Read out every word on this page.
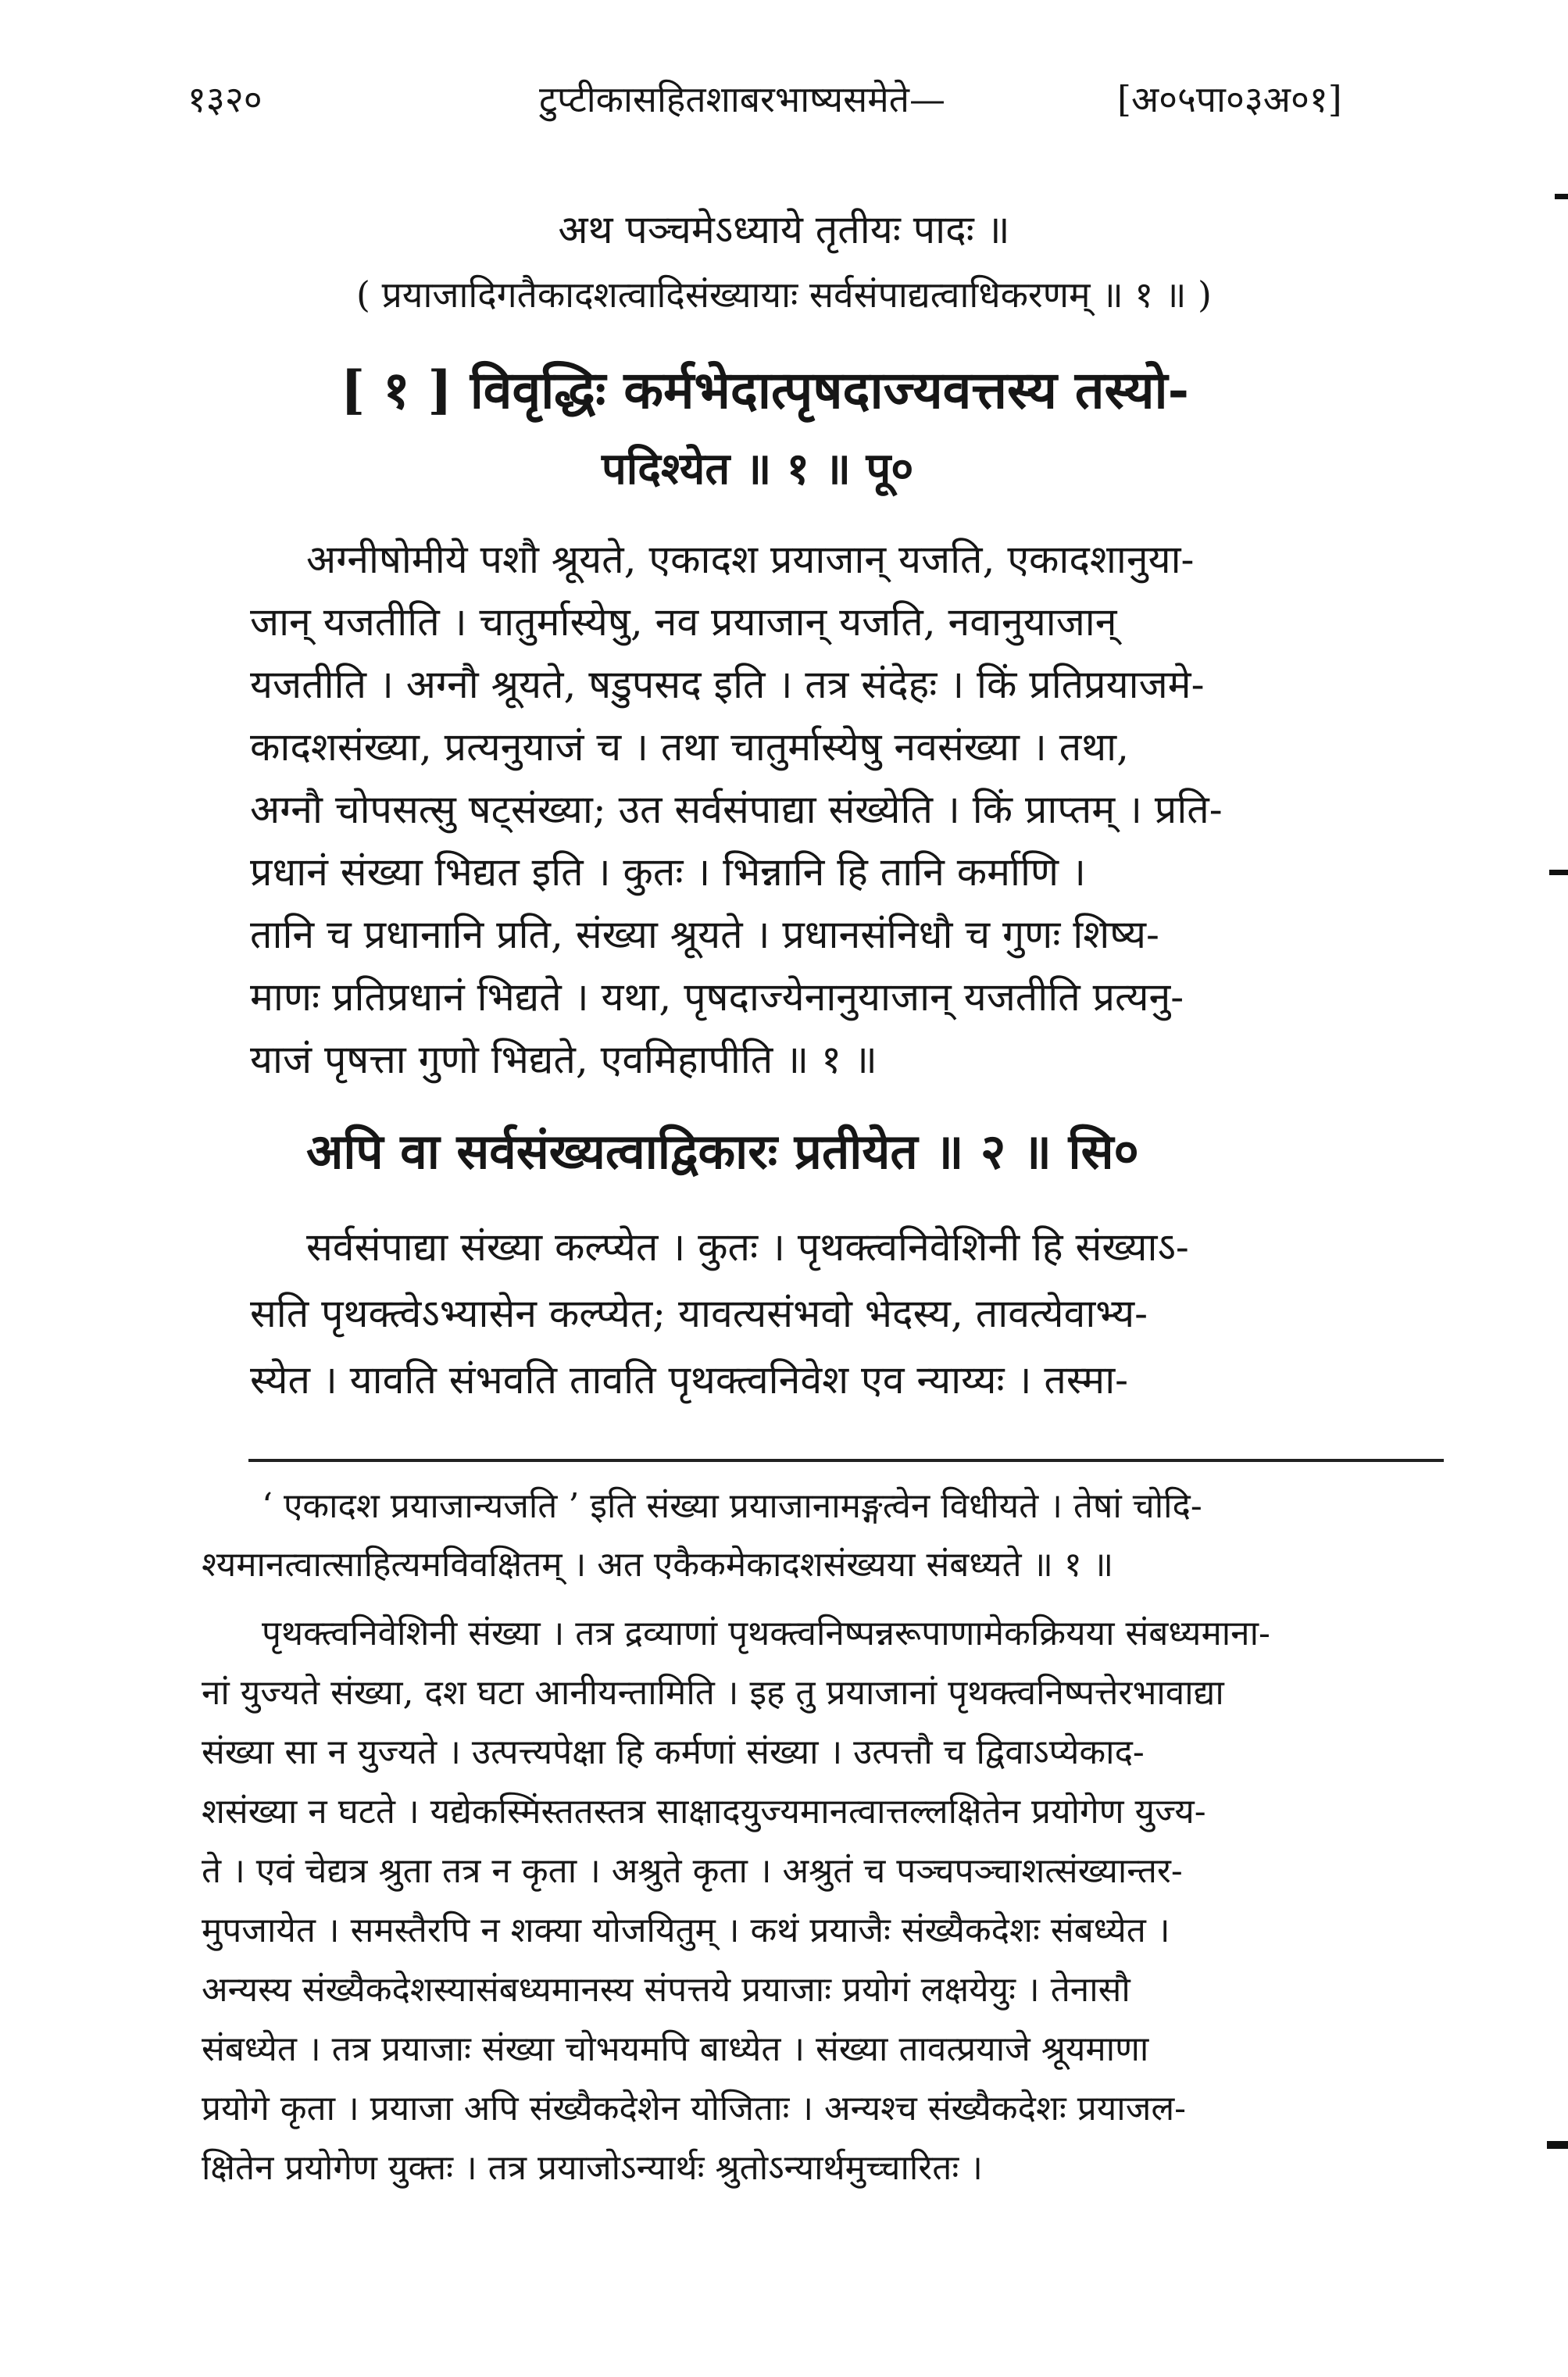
१३२०	टुप्टीकासहितशाबरभाष्यसमेते—	[अ०५पा०३अ०१]
अथ पञ्चमेऽध्याये तृतीयः पादः ॥
( प्रयाजादिगतैकादशत्वादिसंख्यायाः सर्वसंपाद्यत्वाधिकरणम् ॥ १ ॥ )
[ १ ] विवृद्धिः कर्मभेदात्पृषदाज्यवत्तस्य तस्यो-
पदिश्येत ॥ १ ॥ पू०
अग्नीषोमीये पशौ श्रूयते, एकादश प्रयाजान् यजति, एकादशानुया-
जान् यजतीति । चातुर्मास्येषु, नव प्रयाजान् यजति, नवानुयाजान्
यजतीति । अग्नौ श्रूयते, षडुपसद इति । तत्र संदेहः । किं प्रतिप्रयाजमे-
कादशसंख्या, प्रत्यनुयाजं च । तथा चातुर्मास्येषु नवसंख्या । तथा,
अग्नौ चोपसत्सु षट्संख्या; उत सर्वसंपाद्या संख्येति । किं प्राप्तम् । प्रति-
प्रधानं संख्या भिद्यत इति । कुतः । भिन्नानि हि तानि कर्माणि ।
तानि च प्रधानानि प्रति, संख्या श्रूयते । प्रधानसंनिधौ च गुणः शिष्य-
माणः प्रतिप्रधानं भिद्यते । यथा, पृषदाज्येनानुयाजान् यजतीति प्रत्यनु-
याजं पृषत्ता गुणो भिद्यते, एवमिहापीति ॥ १ ॥
अपि वा सर्वसंख्यत्वाद्विकारः प्रतीयेत ॥ २ ॥ सि०
सर्वसंपाद्या संख्या कल्प्येत । कुतः । पृथक्त्वनिवेशिनी हि संख्याऽ-
सति पृथक्त्वेऽभ्यासेन कल्प्येत; यावत्यसंभवो भेदस्य, तावत्येवाभ्य-
स्येत । यावति संभवति तावति पृथक्त्वनिवेश एव न्याय्यः । तस्मा-
‘ एकादश प्रयाजान्यजति ’ इति संख्या प्रयाजानामङ्गत्वेन विधीयते । तेषां चोदि-
श्यमानत्वात्साहित्यमविवक्षितम् । अत एकैकमेकादशसंख्यया संबध्यते ॥ १ ॥
पृथक्त्वनिवेशिनी संख्या । तत्र द्रव्याणां पृथक्त्वनिष्पन्नरूपाणामेकक्रियया संबध्यमाना-
नां युज्यते संख्या, दश घटा आनीयन्तामिति । इह तु प्रयाजानां पृथक्त्वनिष्पत्तेरभावाद्या
संख्या सा न युज्यते । उत्पत्त्यपेक्षा हि कर्मणां संख्या । उत्पत्तौ च द्विवाऽप्येकाद-
शसंख्या न घटते । यद्येकस्मिंस्ततस्तत्र साक्षादयुज्यमानत्वात्तल्लक्षितेन प्रयोगेण युज्य-
ते । एवं चेद्यत्र श्रुता तत्र न कृता । अश्रुते कृता । अश्रुतं च पञ्चपञ्चाशत्संख्यान्तर-
मुपजायेत । समस्तैरपि न शक्या योजयितुम् । कथं प्रयाजैः संख्यैकदेशः संबध्येत ।
अन्यस्य संख्यैकदेशस्यासंबध्यमानस्य संपत्तये प्रयाजाः प्रयोगं लक्षयेयुः । तेनासौ
संबध्येत । तत्र प्रयाजाः संख्या चोभयमपि बाध्येत । संख्या तावत्प्रयाजे श्रूयमाणा
प्रयोगे कृता । प्रयाजा अपि संख्यैकदेशेन योजिताः । अन्यश्च संख्यैकदेशः प्रयाजल-
क्षितेन प्रयोगेण युक्तः । तत्र प्रयाजोऽन्यार्थः श्रुतोऽन्यार्थमुच्चारितः ।
